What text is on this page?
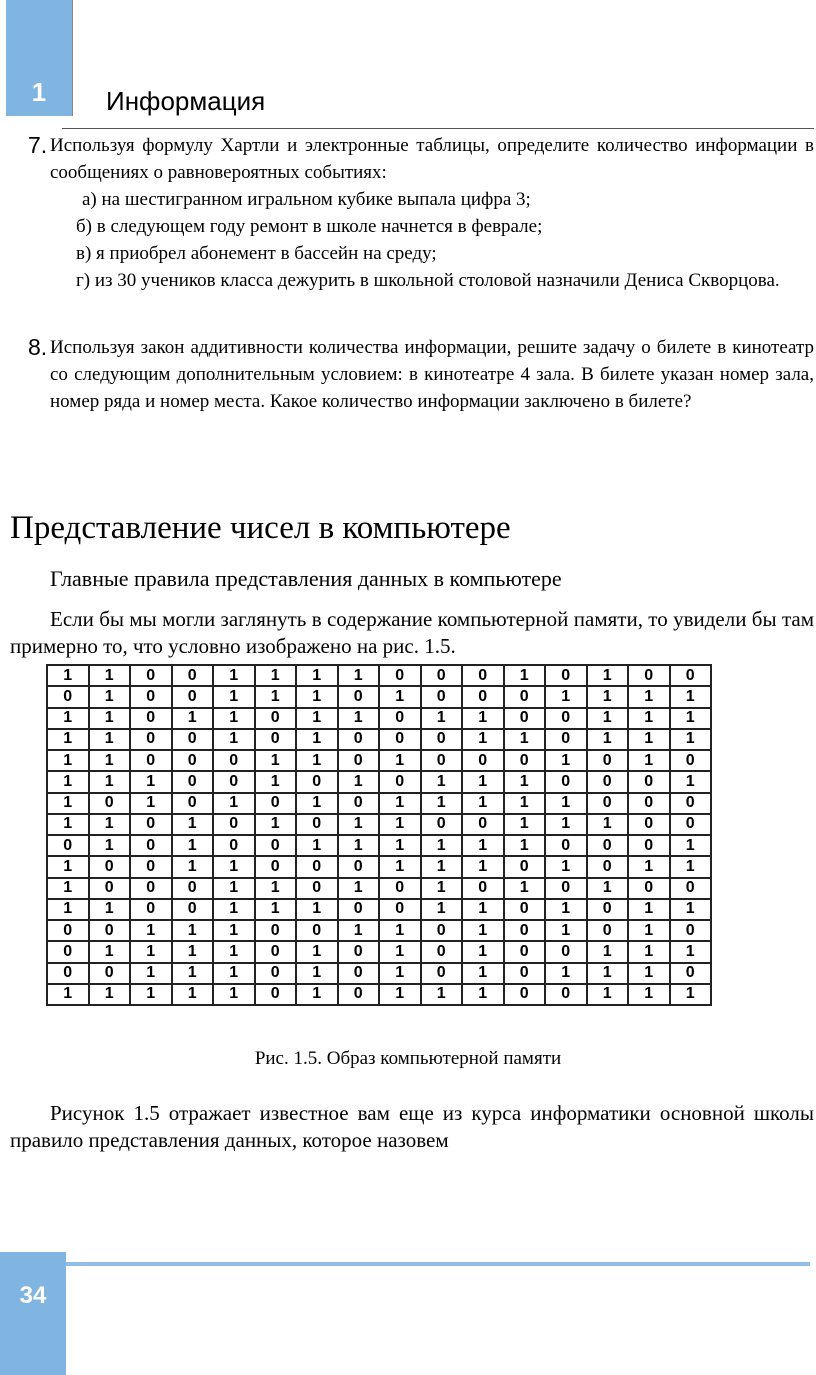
1	Информация
7. Используя формулу Хартли и электронные таблицы, определите количество информации в сообщениях о равновероятных событиях:
а) на шестигранном игральном кубике выпала цифра 3;
б) в следующем году ремонт в школе начнется в феврале;
в) я приобрел абонемент в бассейн на среду;
г) из 30 учеников класса дежурить в школьной столовой назначили Дениса Скворцова.
8. Используя закон аддитивности количества информации, решите задачу о билете в кинотеатр со следующим дополнительным условием: в кинотеатре 4 зала. В билете указан номер зала, номер ряда и номер места. Какое количество информации заключено в билете?
Представление чисел в компьютере
Главные правила представления данных в компьютере
Если бы мы могли заглянуть в содержание компьютерной памяти, то увидели бы там примерно то, что условно изображено на рис. 1.5.
1	1	0	0	1	1	1	1	0	0	0	1	0	1	0	0
0	1	0	0	1	1	1	0	1	0	0	0	1	1	1	1
1	1	0	1	1	0	1	1	0	1	1	0	0	1	1	1
1	1	0	0	1	0	1	0	0	0	1	1	0	1	1	1
1	1	0	0	0	1	1	0	1	0	0	0	1	0	1	0
1	1	1	0	0	1	0	1	0	1	1	1	0	0	0	1
1	0	1	0	1	0	1	0	1	1	1	1	1	0	0	0
1	1	0	1	0	1	0	1	1	0	0	1	1	1	0	0
0	1	0	1	0	0	1	1	1	1	1	1	0	0	0	1
1	0	0	1	1	0	0	0	1	1	1	0	1	0	1	1
1	0	0	0	1	1	0	1	0	1	0	1	0	1	0	0
1	1	0	0	1	1	1	0	0	1	1	0	1	0	1	1
0	0	1	1	1	0	0	1	1	0	1	0	1	0	1	0
0	1	1	1	1	0	1	0	1	0	1	0	0	1	1	1
0	0	1	1	1	0	1	0	1	0	1	0	1	1	1	0
1	1	1	1	1	0	1	0	1	1	1	0	0	1	1	1
Рис. 1.5. Образ компьютерной памяти
Рисунок 1.5 отражает известное вам еще из курса информатики основной школы правило представления данных, которое назовем
34
